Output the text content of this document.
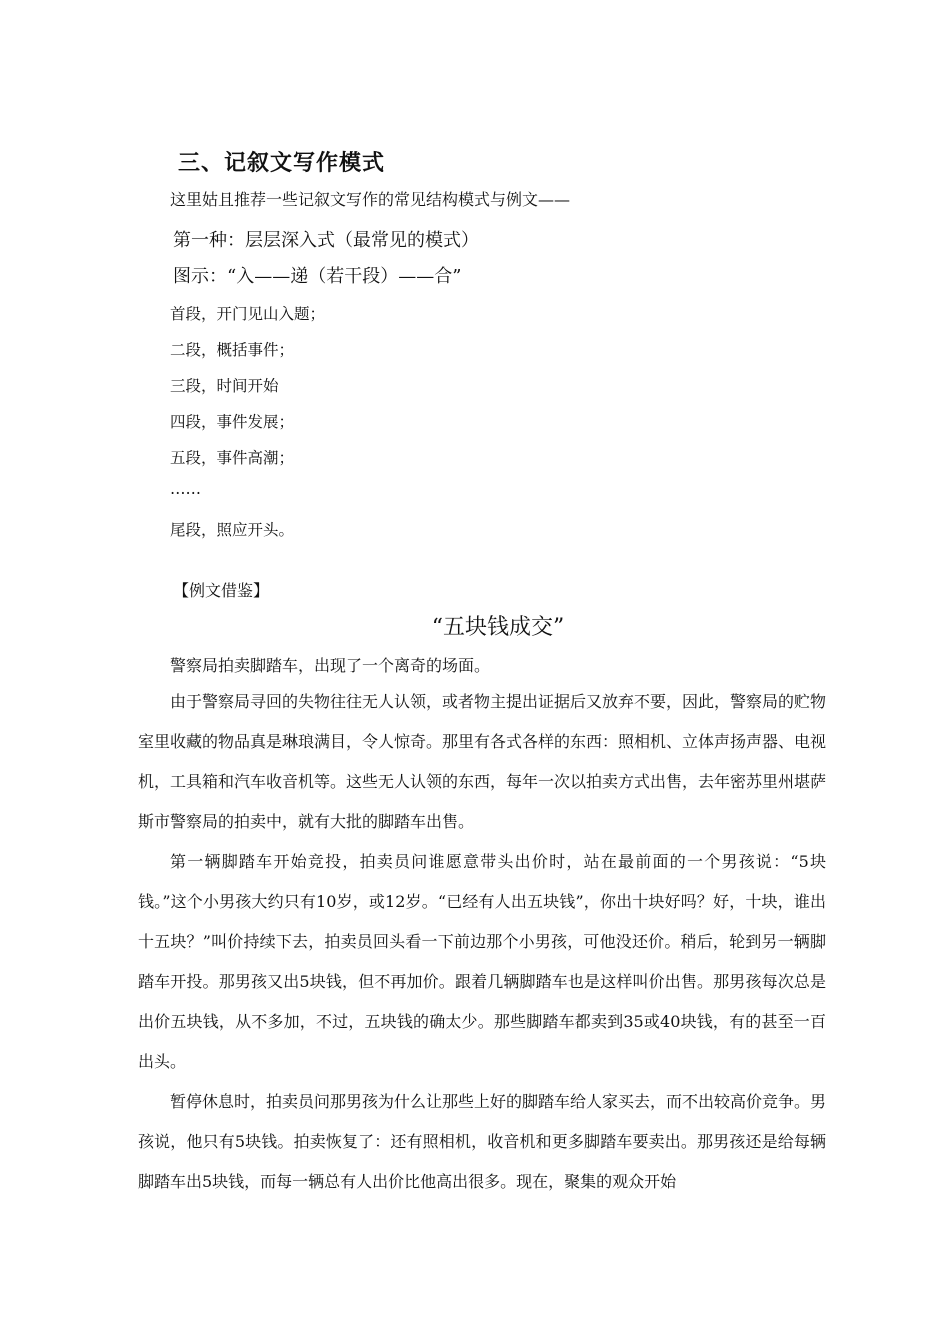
三、记叙文写作模式

这里姑且推荐一些记叙文写作的常见结构模式与例文——

第一种：层层深入式（最常见的模式）

图示：“入——递（若干段）——合”

首段，开门见山入题；

二段，概括事件；

三段，时间开始

四段，事件发展；

五段，事件高潮；

……

尾段，照应开头。

【例文借鉴】

“五块钱成交”

警察局拍卖脚踏车，出现了一个离奇的场面。

由于警察局寻回的失物往往无人认领，或者物主提出证据后又放弃不要，因此，警察局的贮物室里收藏的物品真是琳琅满目，令人惊奇。那里有各式各样的东西：照相机、立体声扬声器、电视机，工具箱和汽车收音机等。这些无人认领的东西，每年一次以拍卖方式出售，去年密苏里州堪萨斯市警察局的拍卖中，就有大批的脚踏车出售。

第一辆脚踏车开始竞投，拍卖员问谁愿意带头出价时，站在最前面的一个男孩说：“5块钱。”这个小男孩大约只有10岁，或12岁。“已经有人出五块钱”，你出十块好吗？好，十块，谁出十五块？”叫价持续下去，拍卖员回头看一下前边那个小男孩，可他没还价。稍后，轮到另一辆脚踏车开投。那男孩又出5块钱，但不再加价。跟着几辆脚踏车也是这样叫价出售。那男孩每次总是出价五块钱，从不多加，不过，五块钱的确太少。那些脚踏车都卖到35或40块钱，有的甚至一百出头。

暂停休息时，拍卖员问那男孩为什么让那些上好的脚踏车给人家买去，而不出较高价竞争。男孩说，他只有5块钱。拍卖恢复了：还有照相机，收音机和更多脚踏车要卖出。那男孩还是给每辆脚踏车出5块钱，而每一辆总有人出价比他高出很多。现在，聚集的观众开始
